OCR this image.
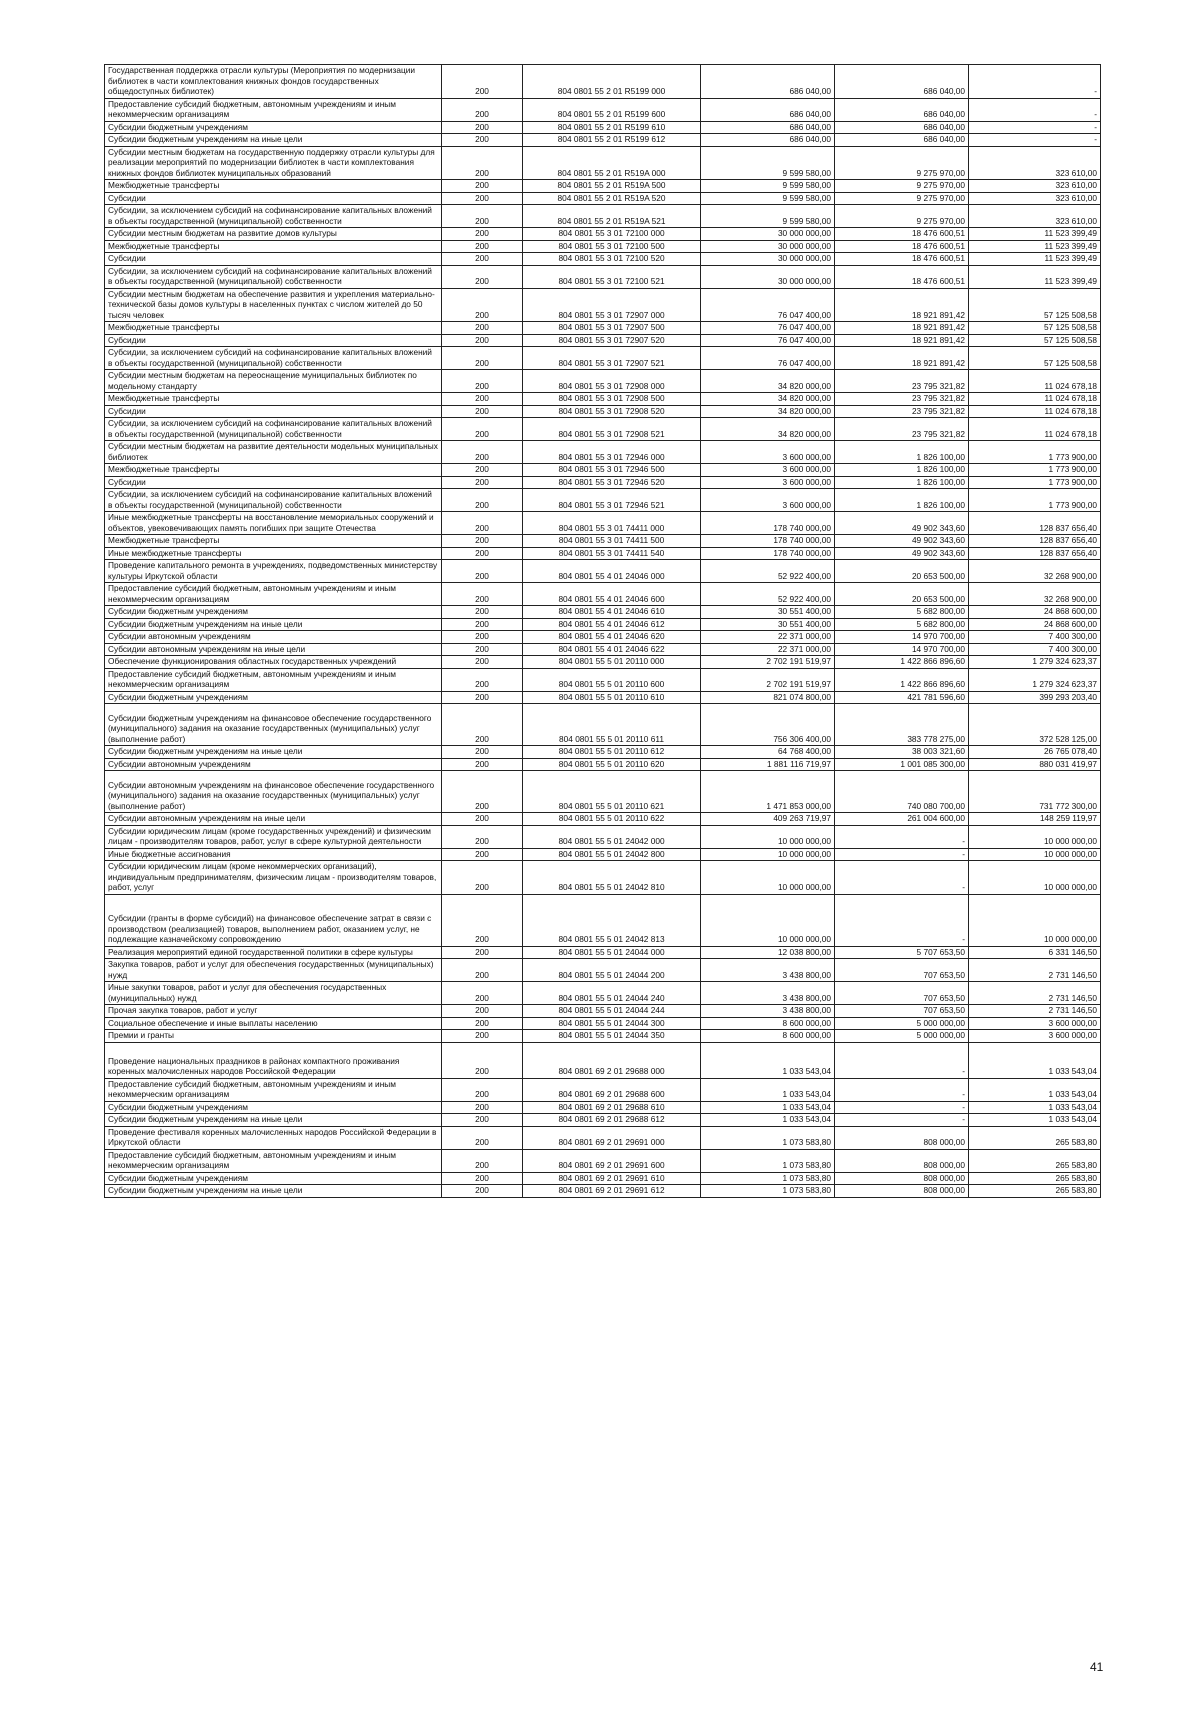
Государственная поддержка отрасли культуры (Мероприятия по модернизации библиотек в части комплектования книжных фондов государственных общедоступных библиотек)	200	804 0801 55 2 01 R5199 000	686 040,00	686 040,00	-
Предоставление субсидий бюджетным, автономным учреждениям и иным некоммерческим организациям	200	804 0801 55 2 01 R5199 600	686 040,00	686 040,00	-
Субсидии бюджетным учреждениям	200	804 0801 55 2 01 R5199 610	686 040,00	686 040,00	-
Субсидии бюджетным учреждениям на иные цели	200	804 0801 55 2 01 R5199 612	686 040,00	686 040,00	-
Субсидии местным бюджетам на государственную поддержку отрасли культуры для реализации мероприятий по модернизации библиотек в части комплектования книжных фондов библиотек муниципальных образований	200	804 0801 55 2 01 R519A 000	9 599 580,00	9 275 970,00	323 610,00
Межбюджетные трансферты	200	804 0801 55 2 01 R519A 500	9 599 580,00	9 275 970,00	323 610,00
Субсидии	200	804 0801 55 2 01 R519A 520	9 599 580,00	9 275 970,00	323 610,00
Субсидии, за исключением субсидий на софинансирование капитальных вложений в объекты государственной (муниципальной) собственности	200	804 0801 55 2 01 R519A 521	9 599 580,00	9 275 970,00	323 610,00
Субсидии местным бюджетам на развитие домов культуры	200	804 0801 55 3 01 72100 000	30 000 000,00	18 476 600,51	11 523 399,49
Межбюджетные трансферты	200	804 0801 55 3 01 72100 500	30 000 000,00	18 476 600,51	11 523 399,49
Субсидии	200	804 0801 55 3 01 72100 520	30 000 000,00	18 476 600,51	11 523 399,49
Субсидии, за исключением субсидий на софинансирование капитальных вложений в объекты государственной (муниципальной) собственности	200	804 0801 55 3 01 72100 521	30 000 000,00	18 476 600,51	11 523 399,49
Субсидии местным бюджетам на обеспечение развития и укрепления материально-технической базы домов культуры в населенных пунктах с числом жителей до 50 тысяч человек	200	804 0801 55 3 01 72907 000	76 047 400,00	18 921 891,42	57 125 508,58
Межбюджетные трансферты	200	804 0801 55 3 01 72907 500	76 047 400,00	18 921 891,42	57 125 508,58
Субсидии	200	804 0801 55 3 01 72907 520	76 047 400,00	18 921 891,42	57 125 508,58
Субсидии, за исключением субсидий на софинансирование капитальных вложений в объекты государственной (муниципальной) собственности	200	804 0801 55 3 01 72907 521	76 047 400,00	18 921 891,42	57 125 508,58
Субсидии местным бюджетам на переоснащение муниципальных библиотек по модельному стандарту	200	804 0801 55 3 01 72908 000	34 820 000,00	23 795 321,82	11 024 678,18
Межбюджетные трансферты	200	804 0801 55 3 01 72908 500	34 820 000,00	23 795 321,82	11 024 678,18
Субсидии	200	804 0801 55 3 01 72908 520	34 820 000,00	23 795 321,82	11 024 678,18
Субсидии, за исключением субсидий на софинансирование капитальных вложений в объекты государственной (муниципальной) собственности	200	804 0801 55 3 01 72908 521	34 820 000,00	23 795 321,82	11 024 678,18
Субсидии местным бюджетам на развитие деятельности модельных муниципальных библиотек	200	804 0801 55 3 01 72946 000	3 600 000,00	1 826 100,00	1 773 900,00
Межбюджетные трансферты	200	804 0801 55 3 01 72946 500	3 600 000,00	1 826 100,00	1 773 900,00
Субсидии	200	804 0801 55 3 01 72946 520	3 600 000,00	1 826 100,00	1 773 900,00
Субсидии, за исключением субсидий на софинансирование капитальных вложений в объекты государственной (муниципальной) собственности	200	804 0801 55 3 01 72946 521	3 600 000,00	1 826 100,00	1 773 900,00
Иные межбюджетные трансферты на восстановление мемориальных сооружений и объектов, увековечивающих память погибших при защите Отечества	200	804 0801 55 3 01 74411 000	178 740 000,00	49 902 343,60	128 837 656,40
Межбюджетные трансферты	200	804 0801 55 3 01 74411 500	178 740 000,00	49 902 343,60	128 837 656,40
Иные межбюджетные трансферты	200	804 0801 55 3 01 74411 540	178 740 000,00	49 902 343,60	128 837 656,40
Проведение капитального ремонта в учреждениях, подведомственных министерству культуры Иркутской области	200	804 0801 55 4 01 24046 000	52 922 400,00	20 653 500,00	32 268 900,00
Предоставление субсидий бюджетным, автономным учреждениям и иным некоммерческим организациям	200	804 0801 55 4 01 24046 600	52 922 400,00	20 653 500,00	32 268 900,00
Субсидии бюджетным учреждениям	200	804 0801 55 4 01 24046 610	30 551 400,00	5 682 800,00	24 868 600,00
Субсидии бюджетным учреждениям на иные цели	200	804 0801 55 4 01 24046 612	30 551 400,00	5 682 800,00	24 868 600,00
Субсидии автономным учреждениям	200	804 0801 55 4 01 24046 620	22 371 000,00	14 970 700,00	7 400 300,00
Субсидии автономным учреждениям на иные цели	200	804 0801 55 4 01 24046 622	22 371 000,00	14 970 700,00	7 400 300,00
Обеспечение функционирования областных государственных учреждений	200	804 0801 55 5 01 20110 000	2 702 191 519,97	1 422 866 896,60	1 279 324 623,37
Предоставление субсидий бюджетным, автономным учреждениям и иным некоммерческим организациям	200	804 0801 55 5 01 20110 600	2 702 191 519,97	1 422 866 896,60	1 279 324 623,37
Субсидии бюджетным учреждениям	200	804 0801 55 5 01 20110 610	821 074 800,00	421 781 596,60	399 293 203,40
Субсидии бюджетным учреждениям на финансовое обеспечение государственного (муниципального) задания на оказание государственных (муниципальных) услуг (выполнение работ)	200	804 0801 55 5 01 20110 611	756 306 400,00	383 778 275,00	372 528 125,00
Субсидии бюджетным учреждениям на иные цели	200	804 0801 55 5 01 20110 612	64 768 400,00	38 003 321,60	26 765 078,40
Субсидии автономным учреждениям	200	804 0801 55 5 01 20110 620	1 881 116 719,97	1 001 085 300,00	880 031 419,97
Субсидии автономным учреждениям на финансовое обеспечение государственного (муниципального) задания на оказание государственных (муниципальных) услуг (выполнение работ)	200	804 0801 55 5 01 20110 621	1 471 853 000,00	740 080 700,00	731 772 300,00
Субсидии автономным учреждениям на иные цели	200	804 0801 55 5 01 20110 622	409 263 719,97	261 004 600,00	148 259 119,97
Субсидии юридическим лицам (кроме государственных учреждений) и физическим лицам - производителям товаров, работ, услуг в сфере культурной деятельности	200	804 0801 55 5 01 24042 000	10 000 000,00	-	10 000 000,00
Иные бюджетные ассигнования	200	804 0801 55 5 01 24042 800	10 000 000,00	-	10 000 000,00
Субсидии юридическим лицам (кроме некоммерческих организаций), индивидуальным предпринимателям, физическим лицам - производителям товаров, работ, услуг	200	804 0801 55 5 01 24042 810	10 000 000,00	-	10 000 000,00
Субсидии (гранты в форме субсидий) на финансовое обеспечение затрат в связи с производством (реализацией) товаров, выполнением работ, оказанием услуг, не подлежащие казначейскому сопровождению	200	804 0801 55 5 01 24042 813	10 000 000,00	-	10 000 000,00
Реализация мероприятий единой государственной политики в сфере культуры	200	804 0801 55 5 01 24044 000	12 038 800,00	5 707 653,50	6 331 146,50
Закупка товаров, работ и услуг для обеспечения государственных (муниципальных) нужд	200	804 0801 55 5 01 24044 200	3 438 800,00	707 653,50	2 731 146,50
Иные закупки товаров, работ и услуг для обеспечения государственных (муниципальных) нужд	200	804 0801 55 5 01 24044 240	3 438 800,00	707 653,50	2 731 146,50
Прочая закупка товаров, работ и услуг	200	804 0801 55 5 01 24044 244	3 438 800,00	707 653,50	2 731 146,50
Социальное обеспечение и иные выплаты населению	200	804 0801 55 5 01 24044 300	8 600 000,00	5 000 000,00	3 600 000,00
Премии и гранты	200	804 0801 55 5 01 24044 350	8 600 000,00	5 000 000,00	3 600 000,00
Проведение национальных праздников в районах компактного проживания коренных малочисленных народов Российской Федерации	200	804 0801 69 2 01 29688 000	1 033 543,04	-	1 033 543,04
Предоставление субсидий бюджетным, автономным учреждениям и иным некоммерческим организациям	200	804 0801 69 2 01 29688 600	1 033 543,04	-	1 033 543,04
Субсидии бюджетным учреждениям	200	804 0801 69 2 01 29688 610	1 033 543,04	-	1 033 543,04
Субсидии бюджетным учреждениям на иные цели	200	804 0801 69 2 01 29688 612	1 033 543,04	-	1 033 543,04
Проведение фестиваля коренных малочисленных народов Российской Федерации в Иркутской области	200	804 0801 69 2 01 29691 000	1 073 583,80	808 000,00	265 583,80
Предоставление субсидий бюджетным, автономным учреждениям и иным некоммерческим организациям	200	804 0801 69 2 01 29691 600	1 073 583,80	808 000,00	265 583,80
Субсидии бюджетным учреждениям	200	804 0801 69 2 01 29691 610	1 073 583,80	808 000,00	265 583,80
Субсидии бюджетным учреждениям на иные цели	200	804 0801 69 2 01 29691 612	1 073 583,80	808 000,00	265 583,80
41
